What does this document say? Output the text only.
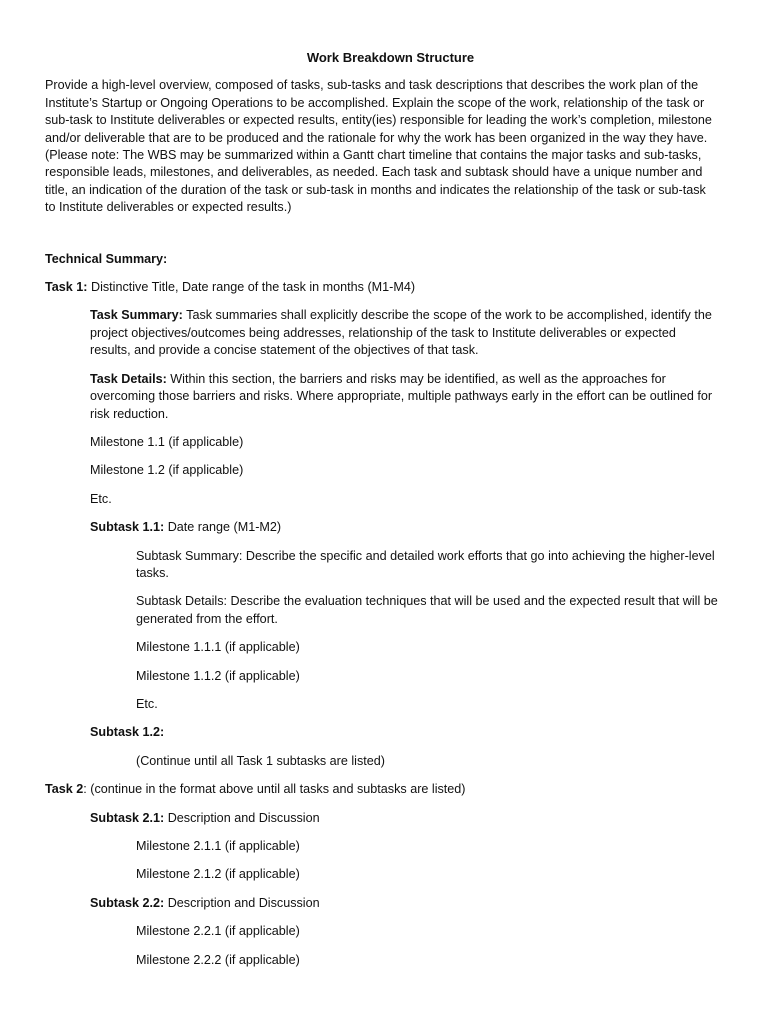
Work Breakdown Structure

Provide a high-level overview, composed of tasks, sub-tasks and task descriptions that describes the work plan of the Institute’s Startup or Ongoing Operations to be accomplished. Explain the scope of the work, relationship of the task or sub-task to Institute deliverables or expected results, entity(ies) responsible for leading the work’s completion, milestone and/or deliverable that are to be produced and the rationale for why the work has been organized in the way they have. (Please note: The WBS may be summarized within a Gantt chart timeline that contains the major tasks and sub-tasks, responsible leads, milestones, and deliverables, as needed. Each task and subtask should have a unique number and title, an indication of the duration of the task or sub-task in months and indicates the relationship of the task or sub-task to Institute deliverables or expected results.)

Technical Summary:

Task 1: Distinctive Title, Date range of the task in months (M1-M4)

Task Summary: Task summaries shall explicitly describe the scope of the work to be accomplished, identify the project objectives/outcomes being addresses, relationship of the task to Institute deliverables or expected results, and provide a concise statement of the objectives of that task.

Task Details: Within this section, the barriers and risks may be identified, as well as the approaches for overcoming those barriers and risks. Where appropriate, multiple pathways early in the effort can be outlined for risk reduction.

Milestone 1.1 (if applicable)

Milestone 1.2 (if applicable)

Etc.

Subtask 1.1: Date range (M1-M2)

Subtask Summary: Describe the specific and detailed work efforts that go into achieving the higher-level tasks.

Subtask Details: Describe the evaluation techniques that will be used and the expected result that will be generated from the effort.

Milestone 1.1.1 (if applicable)

Milestone 1.1.2 (if applicable)

Etc.

Subtask 1.2:

(Continue until all Task 1 subtasks are listed)

Task 2: (continue in the format above until all tasks and subtasks are listed)

Subtask 2.1: Description and Discussion

Milestone 2.1.1 (if applicable)

Milestone 2.1.2 (if applicable)

Subtask 2.2: Description and Discussion

Milestone 2.2.1 (if applicable)

Milestone 2.2.2 (if applicable)
